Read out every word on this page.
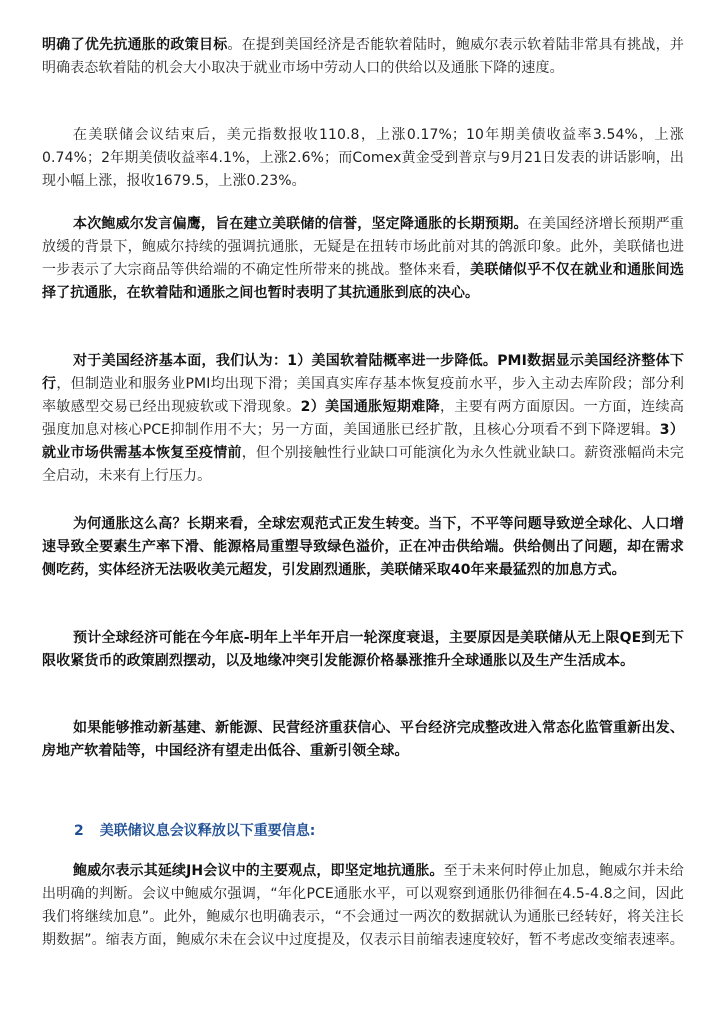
明确了优先抗通胀的政策目标。在提到美国经济是否能软着陆时，鲍威尔表示软着陆非常具有挑战，并明确表态软着陆的机会大小取决于就业市场中劳动人口的供给以及通胀下降的速度。

在美联储会议结束后，美元指数报收110.8，上涨0.17%；10年期美债收益率3.54%，上涨0.74%；2年期美债收益率4.1%，上涨2.6%；而Comex黄金受到普京与9月21日发表的讲话影响，出现小幅上涨，报收1679.5，上涨0.23%。

本次鲍威尔发言偏鹰，旨在建立美联储的信誉，坚定降通胀的长期预期。在美国经济增长预期严重放缓的背景下，鲍威尔持续的强调抗通胀，无疑是在扭转市场此前对其的鸽派印象。此外，美联储也进一步表示了大宗商品等供给端的不确定性所带来的挑战。整体来看，美联储似乎不仅在就业和通胀间选择了抗通胀，在软着陆和通胀之间也暂时表明了其抗通胀到底的决心。

对于美国经济基本面，我们认为：1）美国软着陆概率进一步降低。PMI数据显示美国经济整体下行，但制造业和服务业PMI均出现下滑；美国真实库存基本恢复疫前水平，步入主动去库阶段；部分利率敏感型交易已经出现疲软或下滑现象。2）美国通胀短期难降，主要有两方面原因。一方面，连续高强度加息对核心PCE抑制作用不大；另一方面，美国通胀已经扩散，且核心分项看不到下降逻辑。3）就业市场供需基本恢复至疫情前，但个别接触性行业缺口可能演化为永久性就业缺口。薪资涨幅尚未完全启动，未来有上行压力。

为何通胀这么高？长期来看，全球宏观范式正发生转变。当下，不平等问题导致逆全球化、人口增速导致全要素生产率下滑、能源格局重塑导致绿色溢价，正在冲击供给端。供给侧出了问题，却在需求侧吃药，实体经济无法吸收美元超发，引发剧烈通胀，美联储采取40年来最猛烈的加息方式。

预计全球经济可能在今年底-明年上半年开启一轮深度衰退，主要原因是美联储从无上限QE到无下限收紧货币的政策剧烈摆动，以及地缘冲突引发能源价格暴涨推升全球通胀以及生产生活成本。

如果能够推动新基建、新能源、民营经济重获信心、平台经济完成整改进入常态化监管重新出发、房地产软着陆等，中国经济有望走出低谷、重新引领全球。

2 美联储议息会议释放以下重要信息:

鲍威尔表示其延续JH会议中的主要观点，即坚定地抗通胀。至于未来何时停止加息，鲍威尔并未给出明确的判断。会议中鲍威尔强调，“年化PCE通胀水平，可以观察到通胀仍徘徊在4.5-4.8之间，因此我们将继续加息”。此外，鲍威尔也明确表示，“不会通过一两次的数据就认为通胀已经转好，将关注长期数据”。缩表方面，鲍威尔未在会议中过度提及，仅表示目前缩表速度较好，暂不考虑改变缩表速率。
